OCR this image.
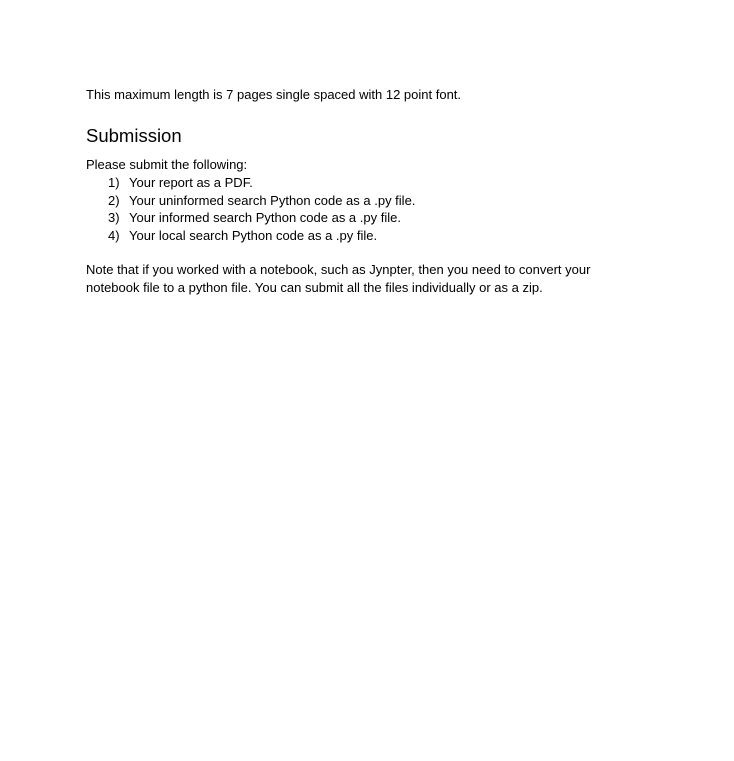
This maximum length is 7 pages single spaced with 12 point font.

Submission

Please submit the following:

1) Your report as a PDF.
2) Your uninformed search Python code as a .py file.
3) Your informed search Python code as a .py file.
4) Your local search Python code as a .py file.

Note that if you worked with a notebook, such as Jynpter, then you need to convert your
notebook file to a python file. You can submit all the files individually or as a zip.
